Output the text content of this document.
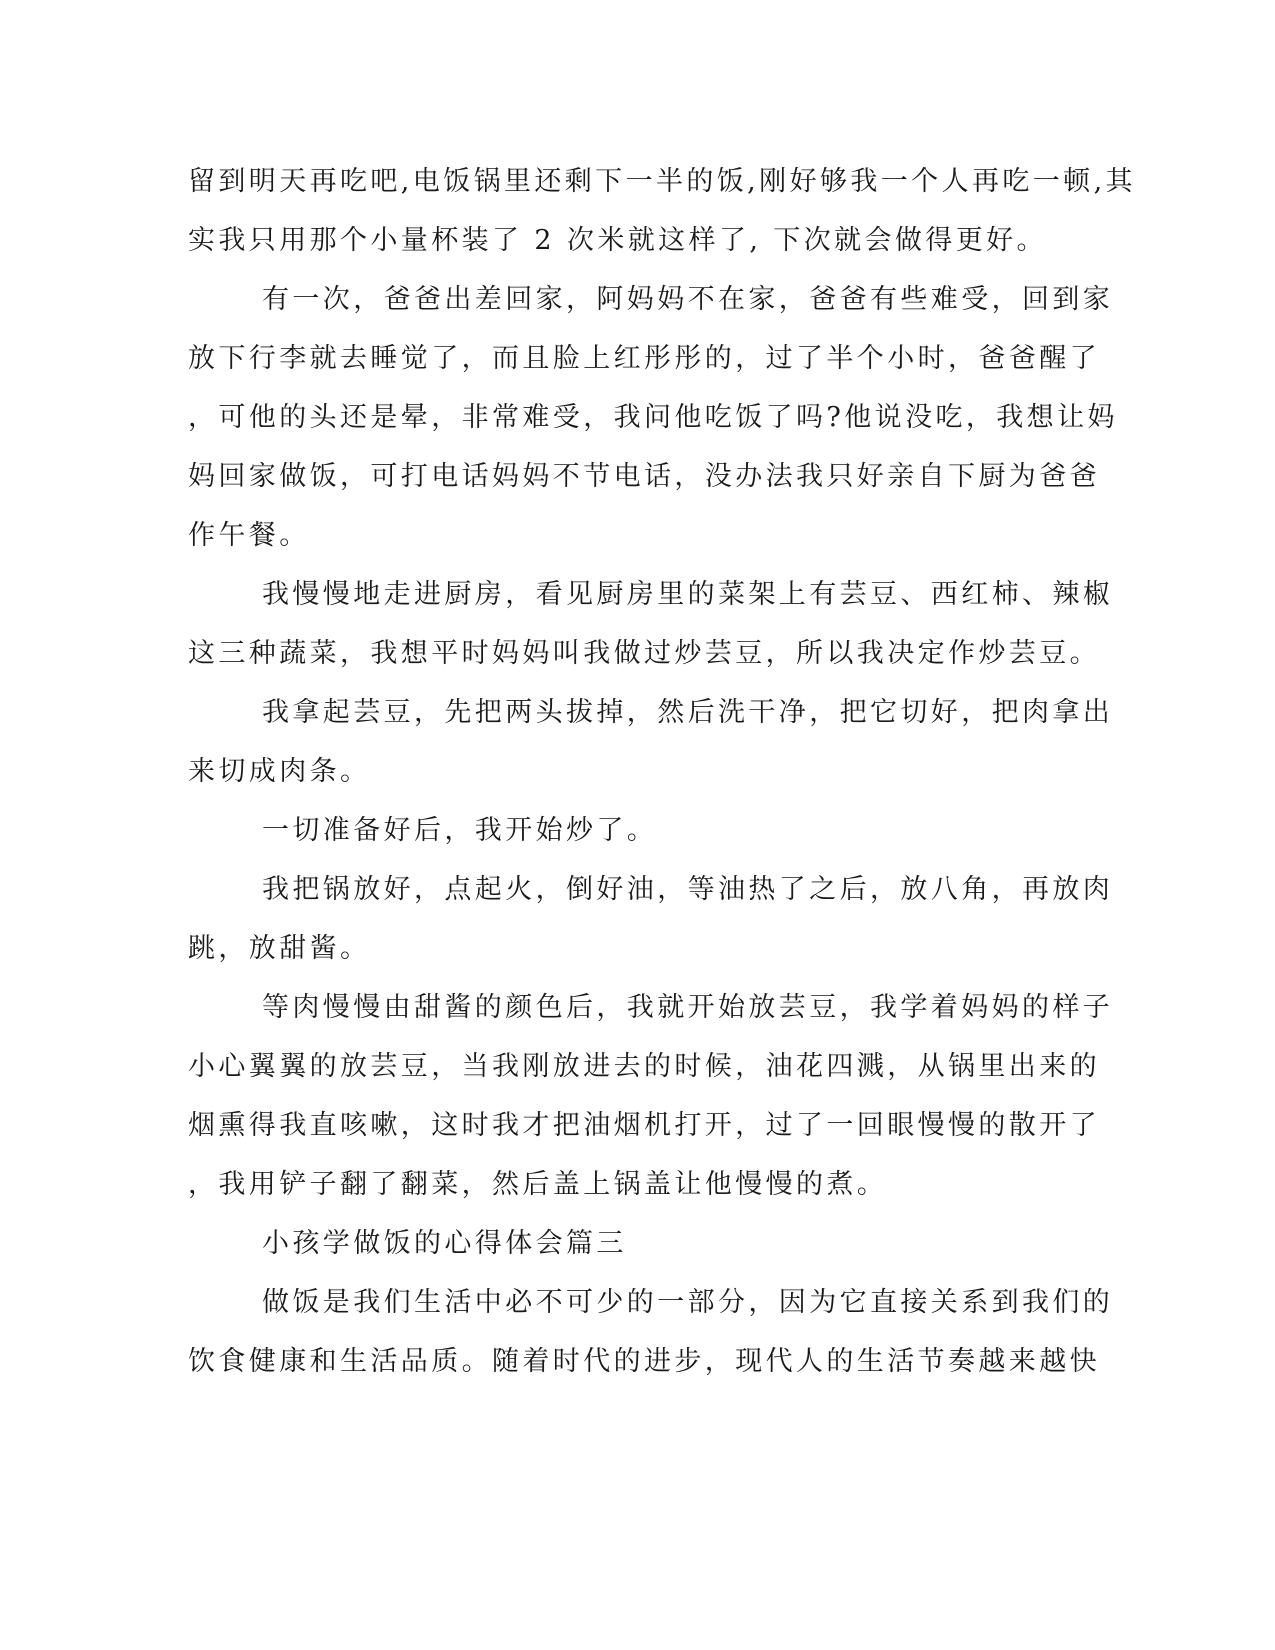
留到明天再吃吧,电饭锅里还剩下一半的饭,刚好够我一个人再吃一顿,其
实我只用那个小量杯装了 2 次米就这样了, 下次就会做得更好。
有一次，爸爸出差回家，阿妈妈不在家，爸爸有些难受，回到家
放下行李就去睡觉了，而且脸上红彤彤的，过了半个小时，爸爸醒了
，可他的头还是晕，非常难受，我问他吃饭了吗?他说没吃，我想让妈
妈回家做饭，可打电话妈妈不节电话，没办法我只好亲自下厨为爸爸
作午餐。
我慢慢地走进厨房，看见厨房里的菜架上有芸豆、西红柿、辣椒
这三种蔬菜，我想平时妈妈叫我做过炒芸豆，所以我决定作炒芸豆。
我拿起芸豆，先把两头拔掉，然后洗干净，把它切好，把肉拿出
来切成肉条。
一切准备好后，我开始炒了。
我把锅放好，点起火，倒好油，等油热了之后，放八角，再放肉
跳，放甜酱。
等肉慢慢由甜酱的颜色后，我就开始放芸豆，我学着妈妈的样子
小心翼翼的放芸豆，当我刚放进去的时候，油花四溅，从锅里出来的
烟熏得我直咳嗽，这时我才把油烟机打开，过了一回眼慢慢的散开了
，我用铲子翻了翻菜，然后盖上锅盖让他慢慢的煮。
小孩学做饭的心得体会篇三
做饭是我们生活中必不可少的一部分，因为它直接关系到我们的
饮食健康和生活品质。随着时代的进步，现代人的生活节奏越来越快
